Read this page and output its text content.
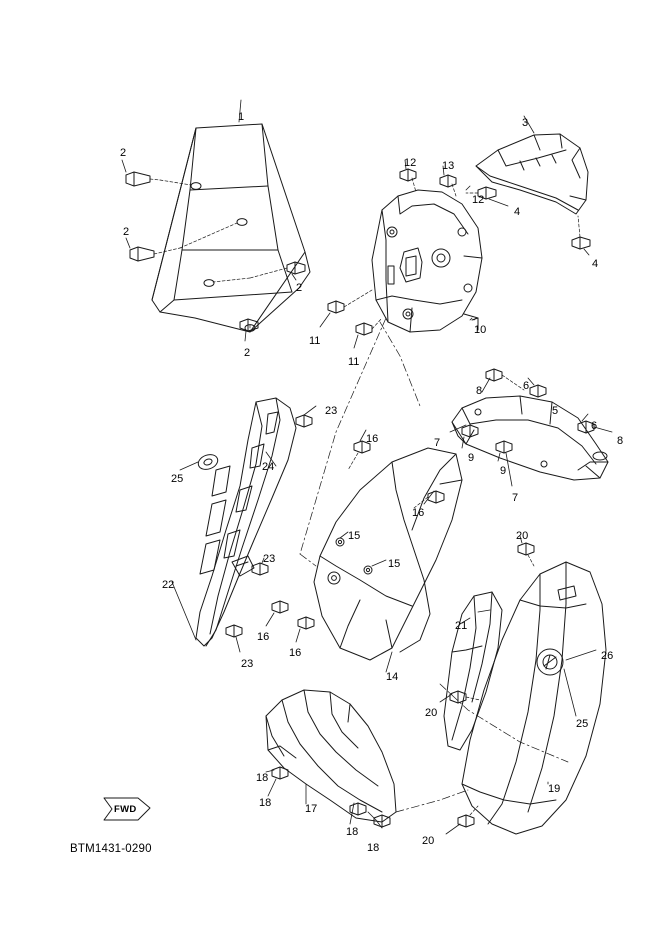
1
2
2
2
2
3
4
4
5
6
6
7
7
8
8
9
9
10
11
11
12
12
13
14
15
15
16
16
16
16
17
18
18
18
18
19
20
20
20
21
22
23
23
23
24
25
25
26
FWD
BTM1431-0290
